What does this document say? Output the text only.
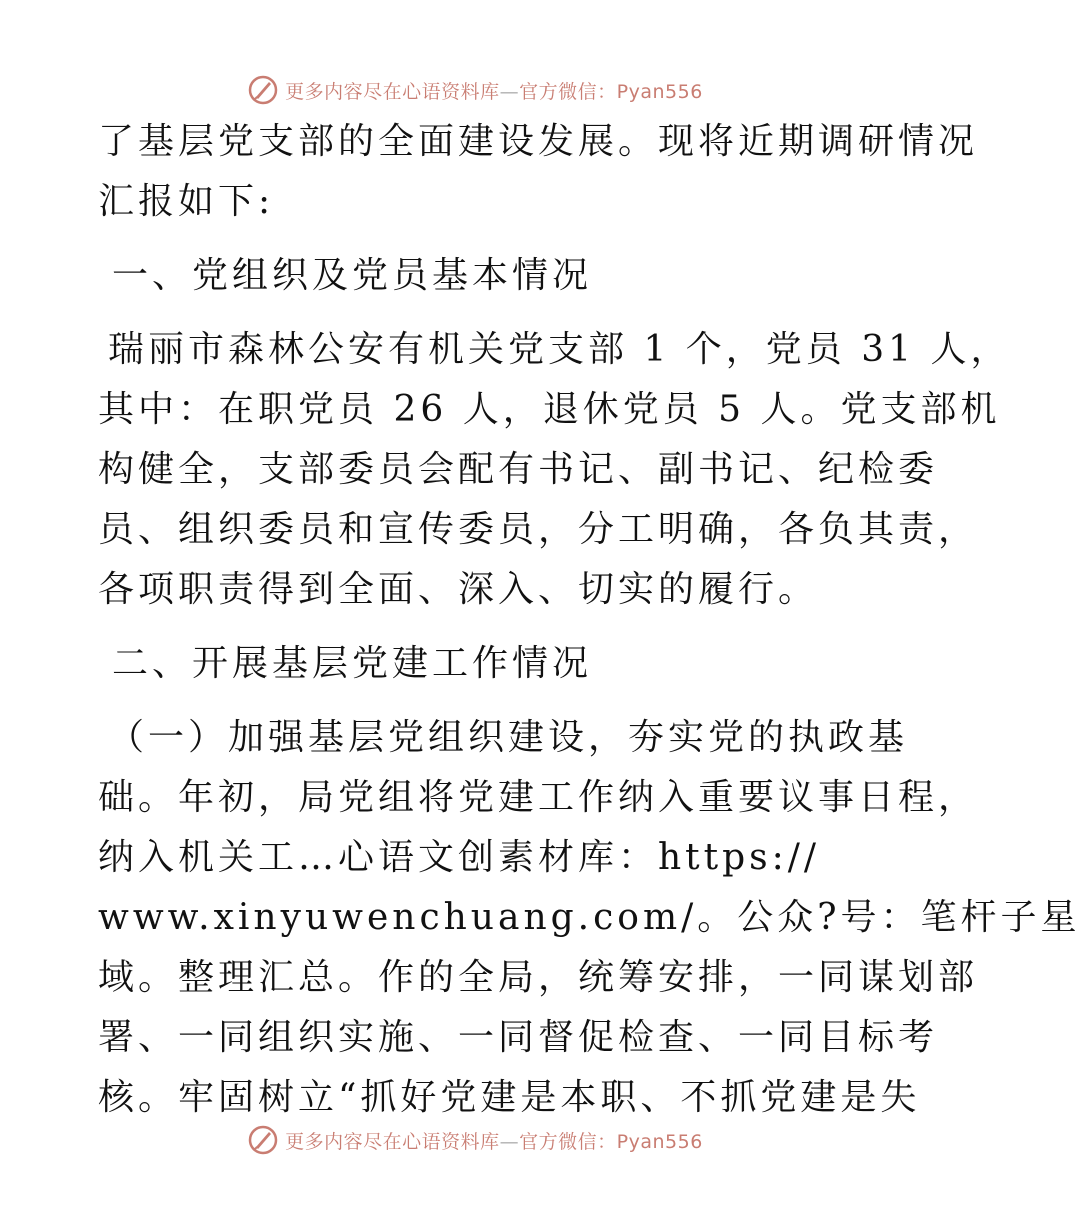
更多内容尽在心语资料库—官方微信：Pyan556
了基层党支部的全面建设发展。现将近期调研情况
汇报如下:
一、党组织及党员基本情况
瑞丽市森林公安有机关党支部 1 个，党员 31 人，
其中：在职党员 26 人，退休党员 5 人。党支部机
构健全，支部委员会配有书记、副书记、纪检委
员、组织委员和宣传委员，分工明确，各负其责，
各项职责得到全面、深入、切实的履行。
二、开展基层党建工作情况
（一）加强基层党组织建设，夯实党的执政基
础。年初，局党组将党建工作纳入重要议事日程，
纳入机关工…心语文创素材库：https://
www.xinyuwenchuang.com/。公众?号：笔杆子星
域。整理汇总。作的全局，统筹安排，一同谋划部
署、一同组织实施、一同督促检查、一同目标考
核。牢固树立“抓好党建是本职、不抓党建是失
更多内容尽在心语资料库—官方微信：Pyan556
